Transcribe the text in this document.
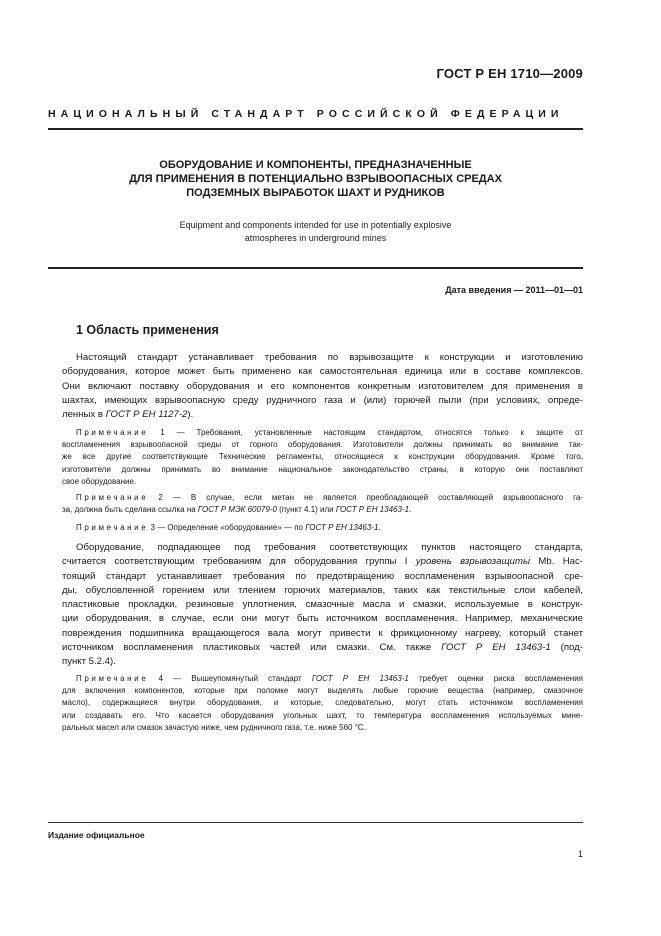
ГОСТ Р ЕН 1710—2009
НАЦИОНАЛЬНЫЙ СТАНДАРТ РОССИЙСКОЙ ФЕДЕРАЦИИ
ОБОРУДОВАНИЕ И КОМПОНЕНТЫ, ПРЕДНАЗНАЧЕННЫЕ
ДЛЯ ПРИМЕНЕНИЯ В ПОТЕНЦИАЛЬНО ВЗРЫВООПАСНЫХ СРЕДАХ
ПОДЗЕМНЫХ ВЫРАБОТОК ШАХТ И РУДНИКОВ
Equipment and components intended for use in potentially explosive
atmospheres in underground mines
Дата введения — 2011—01—01
1 Область применения

Настоящий стандарт устанавливает требования по взрывозащите к конструкции и изготовлению
оборудования, которое может быть применено как самостоятельная единица или в составе комплексов.
Они включают поставку оборудования и его компонентов конкретным изготовителем для применения в
шахтах, имеющих взрывоопасную среду рудничного газа и (или) горючей пыли (при условиях, опреде-
ленных в ГОСТ Р ЕН 1127-2).

Примечание 1 — Требования, установленные настоящим стандартом, относятся только к защите от
воспламенения взрывоопасной среды от горного оборудования. Изготовители должны принимать во внимание так-
же все другие соответствующие Технические регламенты, относящиеся к конструкции оборудования. Кроме того,
изготовители должны принимать во внимание национальное законодательство страны, в которую они поставляют
свое оборудование.

Примечание 2 — В случае, если метан не является преобладающей составляющей взрывоопасного га-
за, должна быть сделана ссылка на ГОСТ Р МЭК 60079-0 (пункт 4.1) или ГОСТ Р ЕН 13463-1.

Примечание 3 — Определение «оборудование» — по ГОСТ Р ЕН 13463-1.

Оборудование, подпадающее под требования соответствующих пунктов настоящего стандарта,
считается соответствующим требованиям для оборудования группы I уровень взрывозащиты Mb. Нас-
тоящий стандарт устанавливает требования по предотвращению воспламенения взрывоопасной сре-
ды, обусловленной горением или тлением горючих материалов, таких как текстильные слои кабелей,
пластиковые прокладки, резиновые уплотнения, смазочные масла и смазки, используемые в конструк-
ции оборудования, в случае, если они могут быть источником воспламенения. Например, механические
повреждения подшипника вращающегося вала могут привести к фрикционному нагреву, который станет
источником воспламенения пластиковых частей или смазки. См. также ГОСТ Р ЕН 13463-1 (под-
пункт 5.2.4).

Примечание 4 — Вышеупомянутый стандарт ГОСТ Р ЕН 13463-1 требует оценки риска воспламенения
для включения компонентов, которые при поломке могут выделять любые горючие вещества (например, смазочное
масло), содержащиеся внутри оборудования, и которые, следовательно, могут стать источником воспламенения
или создавать его. Что касается оборудования угольных шахт, то температура воспламенения используемых мине-
ральных масел или смазок зачастую ниже, чем рудничного газа, т.е. ниже 560 °С.

Издание официальное
1
